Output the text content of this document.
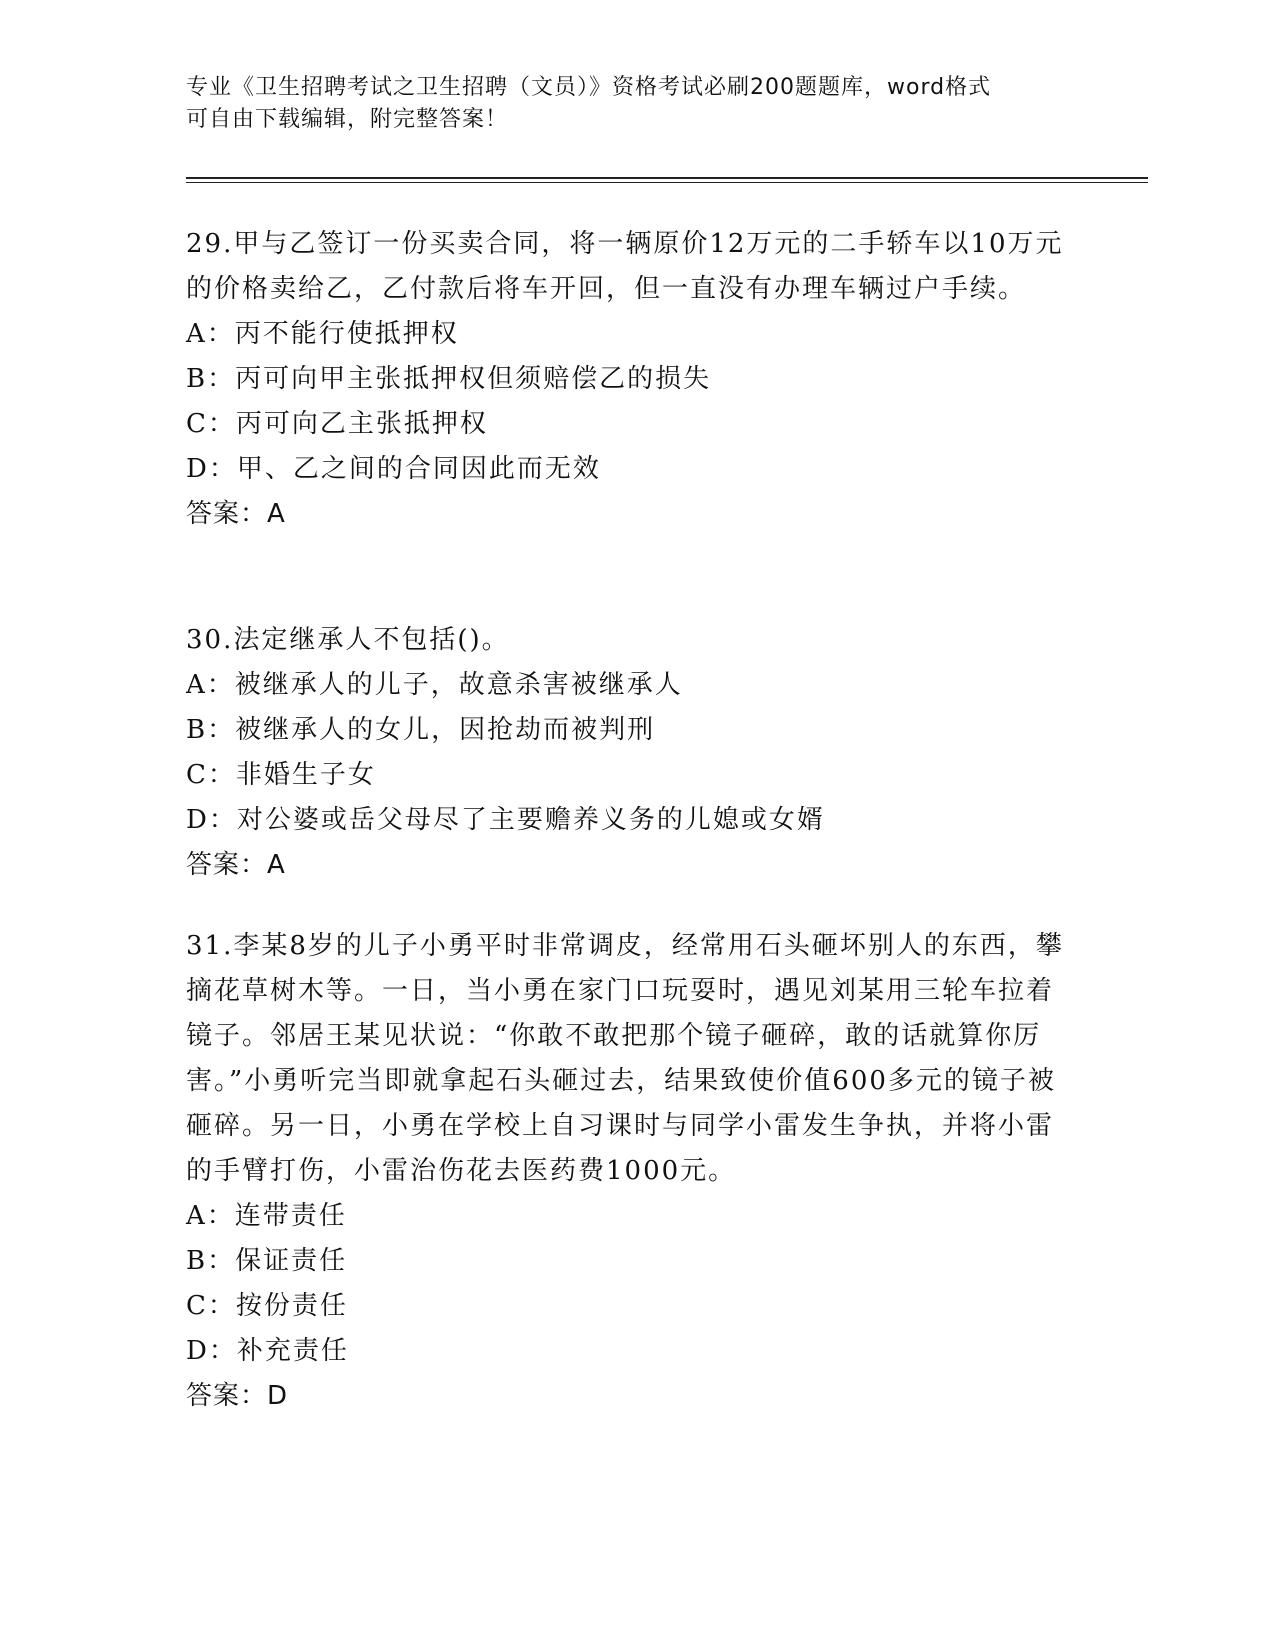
专业《卫生招聘考试之卫生招聘（文员）》资格考试必刷200题题库，word格式
可自由下载编辑，附完整答案！

29.甲与乙签订一份买卖合同，将一辆原价12万元的二手轿车以10万元的价格卖给乙，乙付款后将车开回，但一直没有办理车辆过户手续。

A：丙不能行使抵押权
B：丙可向甲主张抵押权但须赔偿乙的损失
C：丙可向乙主张抵押权
D：甲、乙之间的合同因此而无效
答案：A

30.法定继承人不包括()。

A：被继承人的儿子，故意杀害被继承人
B：被继承人的女儿，因抢劫而被判刑
C：非婚生子女
D：对公婆或岳父母尽了主要赡养义务的儿媳或女婿
答案：A

31.李某8岁的儿子小勇平时非常调皮，经常用石头砸坏别人的东西，攀摘花草树木等。一日，当小勇在家门口玩耍时，遇见刘某用三轮车拉着镜子。邻居王某见状说：“你敢不敢把那个镜子砸碎，敢的话就算你厉害。”小勇听完当即就拿起石头砸过去，结果致使价值600多元的镜子被砸碎。另一日，小勇在学校上自习课时与同学小雷发生争执，并将小雷的手臂打伤，小雷治伤花去医药费1000元。

A：连带责任
B：保证责任
C：按份责任
D：补充责任
答案：D
